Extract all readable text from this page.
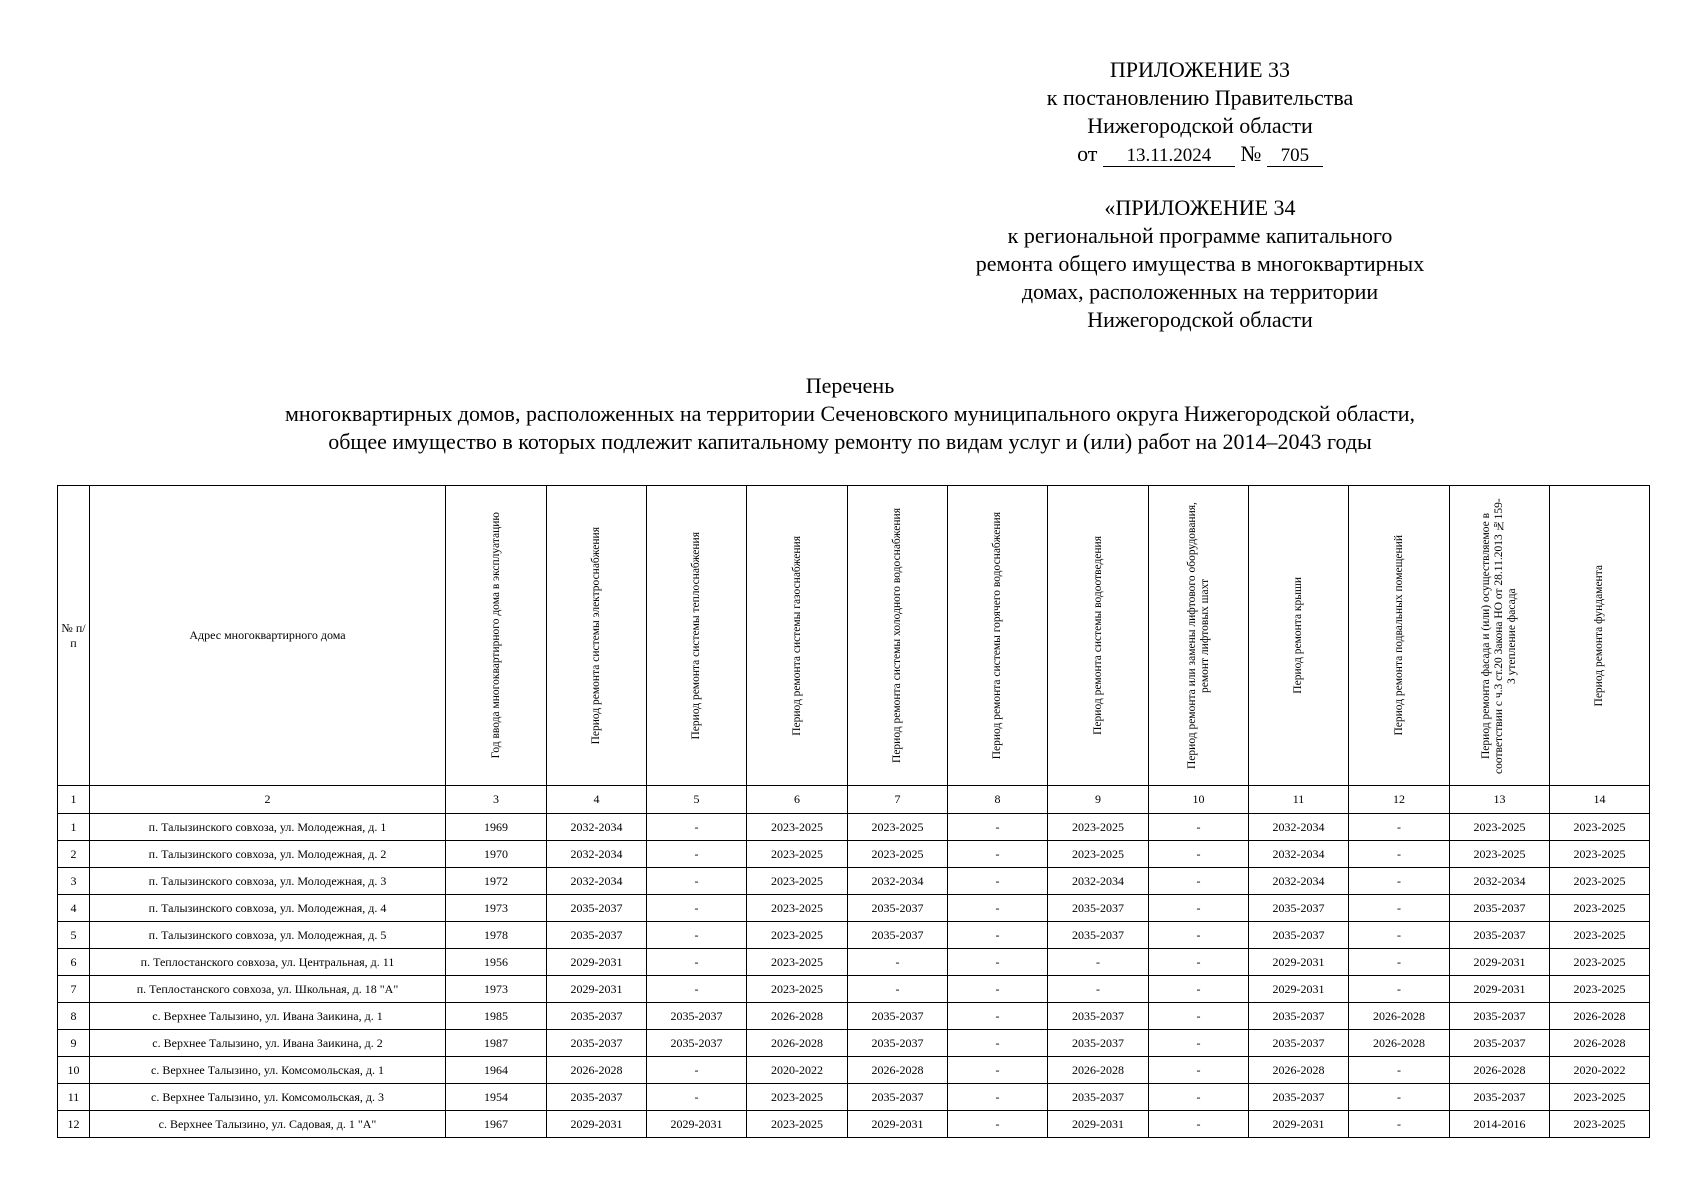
ПРИЛОЖЕНИЕ 33
к постановлению Правительства
Нижегородской области
от 13.11.2024 № 705
«ПРИЛОЖЕНИЕ 34
к региональной программе капитального
ремонта общего имущества в многоквартирных
домах, расположенных на территории
Нижегородской области
Перечень
многоквартирных домов, расположенных на территории Сеченовского муниципального округа Нижегородской области,
общее имущество в которых подлежит капитальному ремонту по видам услуг и (или) работ на 2014–2043 годы
№ п/п	Адрес многоквартирного дома	Год ввода многоквартирного дома в эксплуатацию	Период ремонта системы электроснабжения	Период ремонта системы теплоснабжения	Период ремонта системы газоснабжения	Период ремонта системы холодного водоснабжения	Период ремонта системы горячего водоснабжения	Период ремонта системы водоотведения	Период ремонта или замены лифтового оборудования, ремонт лифтовых шахт	Период ремонта крыши	Период ремонта подвальных помещений	Период ремонта фасада и (или) осуществляемое в соответствии с ч.3 ст.20 Закона НО от 28.11.2013 №159-З утепление фасада	Период ремонта фундамента

1	2	3	4	5	6	7	8	9	10	11	12	13	14
1	п. Талызинского совхоза, ул. Молодежная, д. 1	1969	2032-2034	-	2023-2025	2023-2025	-	2023-2025	-	2032-2034	-	2023-2025	2023-2025
2	п. Талызинского совхоза, ул. Молодежная, д. 2	1970	2032-2034	-	2023-2025	2023-2025	-	2023-2025	-	2032-2034	-	2023-2025	2023-2025
3	п. Талызинского совхоза, ул. Молодежная, д. 3	1972	2032-2034	-	2023-2025	2032-2034	-	2032-2034	-	2032-2034	-	2032-2034	2023-2025
4	п. Талызинского совхоза, ул. Молодежная, д. 4	1973	2035-2037	-	2023-2025	2035-2037	-	2035-2037	-	2035-2037	-	2035-2037	2023-2025
5	п. Талызинского совхоза, ул. Молодежная, д. 5	1978	2035-2037	-	2023-2025	2035-2037	-	2035-2037	-	2035-2037	-	2035-2037	2023-2025
6	п. Теплостанского совхоза, ул. Центральная, д. 11	1956	2029-2031	-	2023-2025	-	-	-	-	2029-2031	-	2029-2031	2023-2025
7	п. Теплостанского совхоза, ул. Школьная, д. 18 "А"	1973	2029-2031	-	2023-2025	-	-	-	-	2029-2031	-	2029-2031	2023-2025
8	с. Верхнее Талызино, ул. Ивана Заикина, д. 1	1985	2035-2037	2035-2037	2026-2028	2035-2037	-	2035-2037	-	2035-2037	2026-2028	2035-2037	2026-2028
9	с. Верхнее Талызино, ул. Ивана Заикина, д. 2	1987	2035-2037	2035-2037	2026-2028	2035-2037	-	2035-2037	-	2035-2037	2026-2028	2035-2037	2026-2028
10	с. Верхнее Талызино, ул. Комсомольская, д. 1	1964	2026-2028	-	2020-2022	2026-2028	-	2026-2028	-	2026-2028	-	2026-2028	2020-2022
11	с. Верхнее Талызино, ул. Комсомольская, д. 3	1954	2035-2037	-	2023-2025	2035-2037	-	2035-2037	-	2035-2037	-	2035-2037	2023-2025
12	с. Верхнее Талызино, ул. Садовая, д. 1 "А"	1967	2029-2031	2029-2031	2023-2025	2029-2031	-	2029-2031	-	2029-2031	-	2014-2016	2023-2025
